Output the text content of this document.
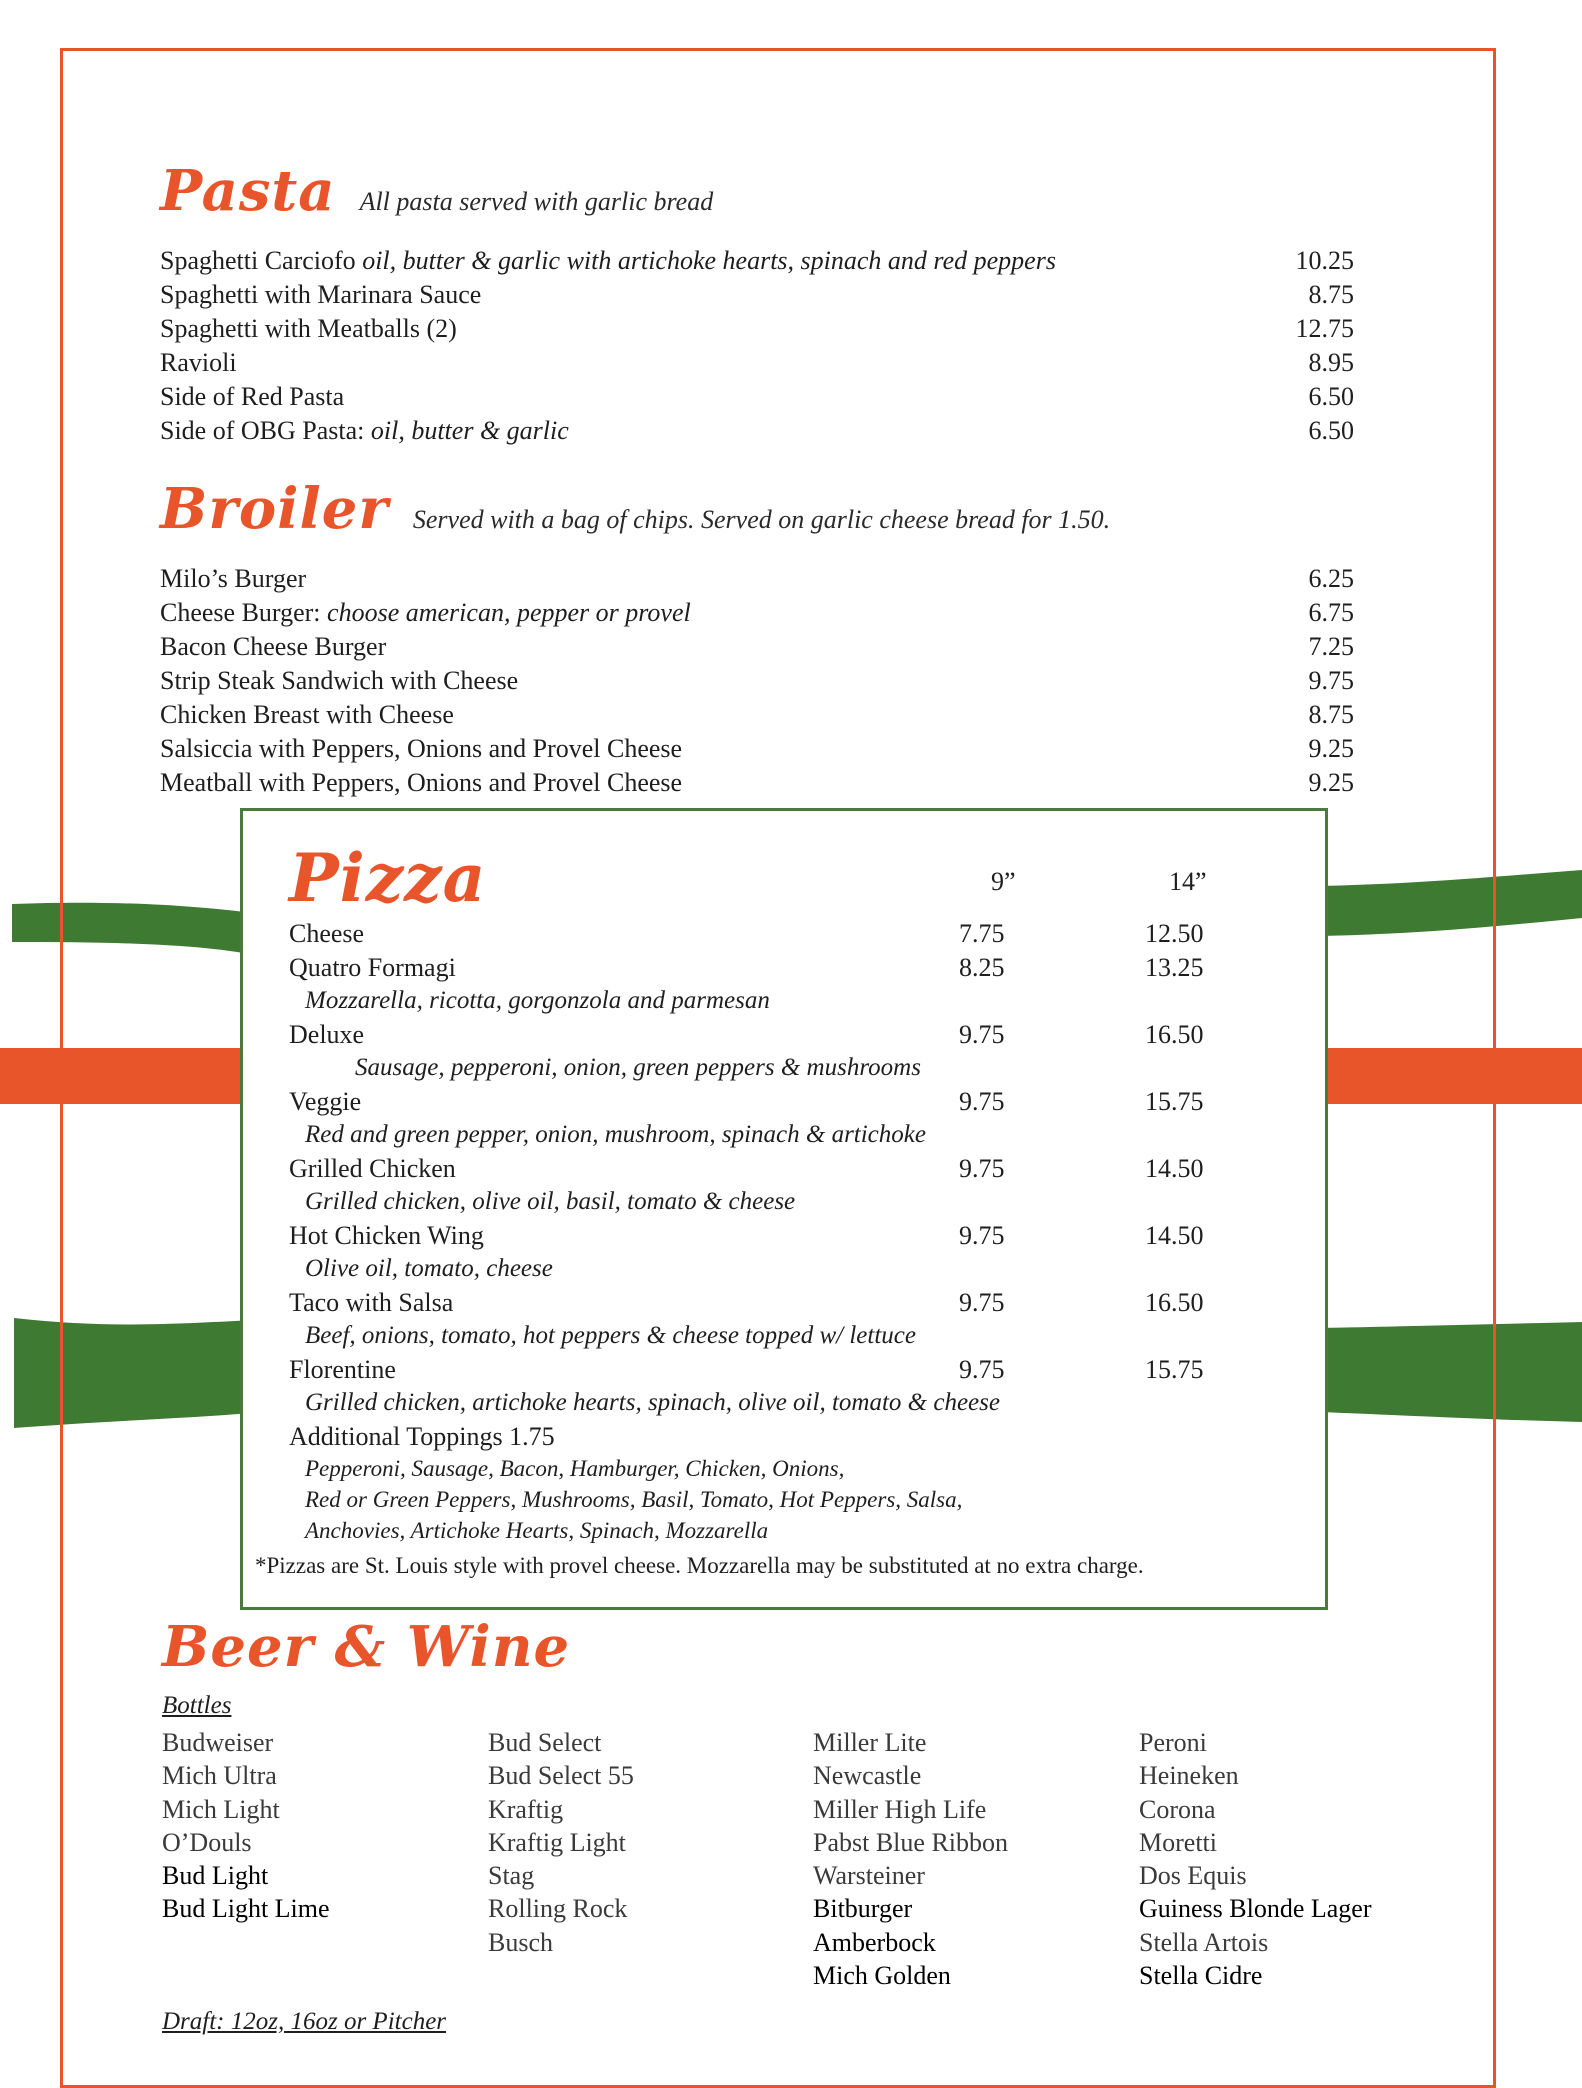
Pasta All pasta served with garlic bread
Spaghetti Carciofo oil, butter & garlic with artichoke hearts, spinach and red peppers	10.25
Spaghetti with Marinara Sauce	8.75
Spaghetti with Meatballs (2)	12.75
Ravioli	8.95
Side of Red Pasta	6.50
Side of OBG Pasta: oil, butter & garlic	6.50
Broiler Served with a bag of chips. Served on garlic cheese bread for 1.50.
Milo’s Burger	6.25
Cheese Burger: choose american, pepper or provel	6.75
Bacon Cheese Burger	7.25
Strip Steak Sandwich with Cheese	9.75
Chicken Breast with Cheese	8.75
Salsiccia with Peppers, Onions and Provel Cheese	9.25
Meatball with Peppers, Onions and Provel Cheese	9.25
Pizza	9”	14”
Cheese	7.75	12.50
Quatro Formagi	8.25	13.25
Mozzarella, ricotta, gorgonzola and parmesan
Deluxe	9.75	16.50
Sausage, pepperoni, onion, green peppers & mushrooms
Veggie	9.75	15.75
Red and green pepper, onion, mushroom, spinach & artichoke
Grilled Chicken	9.75	14.50
Grilled chicken, olive oil, basil, tomato & cheese
Hot Chicken Wing	9.75	14.50
Olive oil, tomato, cheese
Taco with Salsa	9.75	16.50
Beef, onions, tomato, hot peppers & cheese topped w/ lettuce
Florentine	9.75	15.75
Grilled chicken, artichoke hearts, spinach, olive oil, tomato & cheese
Additional Toppings 1.75
Pepperoni, Sausage, Bacon, Hamburger, Chicken, Onions,
Red or Green Peppers, Mushrooms, Basil, Tomato, Hot Peppers, Salsa,
Anchovies, Artichoke Hearts, Spinach, Mozzarella
*Pizzas are St. Louis style with provel cheese. Mozzarella may be substituted at no extra charge.
Beer & Wine
Bottles
Budweiser
Mich Ultra
Mich Light
O’Douls
Bud Light
Bud Light Lime
Bud Select
Bud Select 55
Kraftig
Kraftig Light
Stag
Rolling Rock
Busch
Miller Lite
Newcastle
Miller High Life
Pabst Blue Ribbon
Warsteiner
Bitburger
Amberbock
Mich Golden
Peroni
Heineken
Corona
Moretti
Dos Equis
Guiness Blonde Lager
Stella Artois
Stella Cidre
Draft: 12oz, 16oz or Pitcher
